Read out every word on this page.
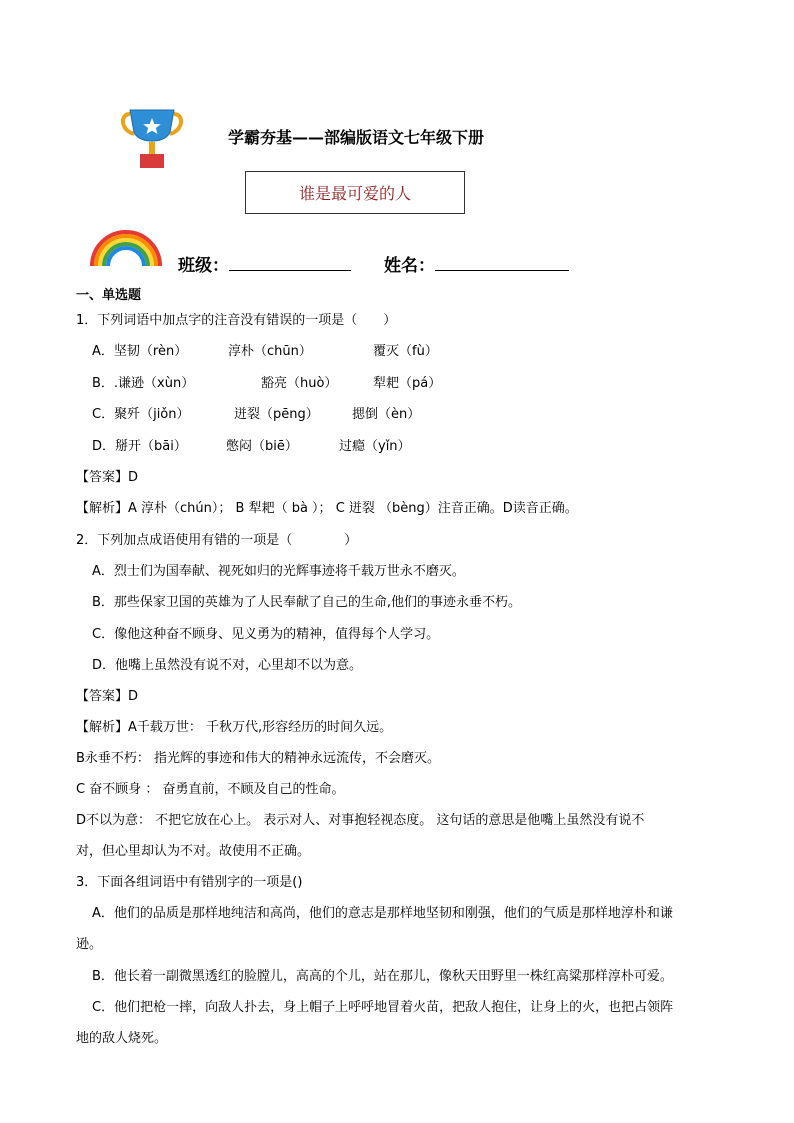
学霸夯基——部编版语文七年级下册
谁是最可爱的人
班级：	姓名：
一、单选题
1．下列词语中加点字的注音没有错误的一项是（　　）
A．坚韧（rèn）	淳朴（chūn）	覆灭（fù）
B．.谦逊（xùn）	豁亮（huò）	犁耙（pá）
C．聚歼（jiǒn）	迸裂（pēng）	揌倒（èn）
D．掰开（bāi）	憋闷（biē）	过瘾（yǐn）
【答案】D
【解析】A 淳朴（chún）； B 犁耙（ bà ）； C 迸裂 （bèng）注音正确。D读音正确。
2．下列加点成语使用有错的一项是（　　　　）
A．烈士们为国奉献、视死如归的光辉事迹将千载万世永不磨灭。
B．那些保家卫国的英雄为了人民奉献了自己的生命,他们的事迹永垂不朽。
C．像他这种奋不顾身、见义勇为的精神，值得每个人学习。
D．他嘴上虽然没有说不对，心里却不以为意。
【答案】D
【解析】A千载万世： 千秋万代,形容经历的时间久远。
B永垂不朽： 指光辉的事迹和伟大的精神永远流传，不会磨灭。
C 奋不顾身 ： 奋勇直前，不顾及自己的性命。
D不以为意： 不把它放在心上。 表示对人、对事抱轻视态度。 这句话的意思是他嘴上虽然没有说不
对，但心里却认为不对。故使用不正确。
3．下面各组词语中有错别字的一项是()
A．他们的品质是那样地纯洁和高尚，他们的意志是那样地坚韧和刚强，他们的气质是那样地淳朴和谦
逊。
B．他长着一副微黑透红的脸膛儿，高高的个儿，站在那儿，像秋天田野里一株红高粱那样淳朴可爱。
C．他们把枪一摔，向敌人扑去，身上帽子上呼呼地冒着火苗，把敌人抱住，让身上的火，也把占领阵
地的敌人烧死。
